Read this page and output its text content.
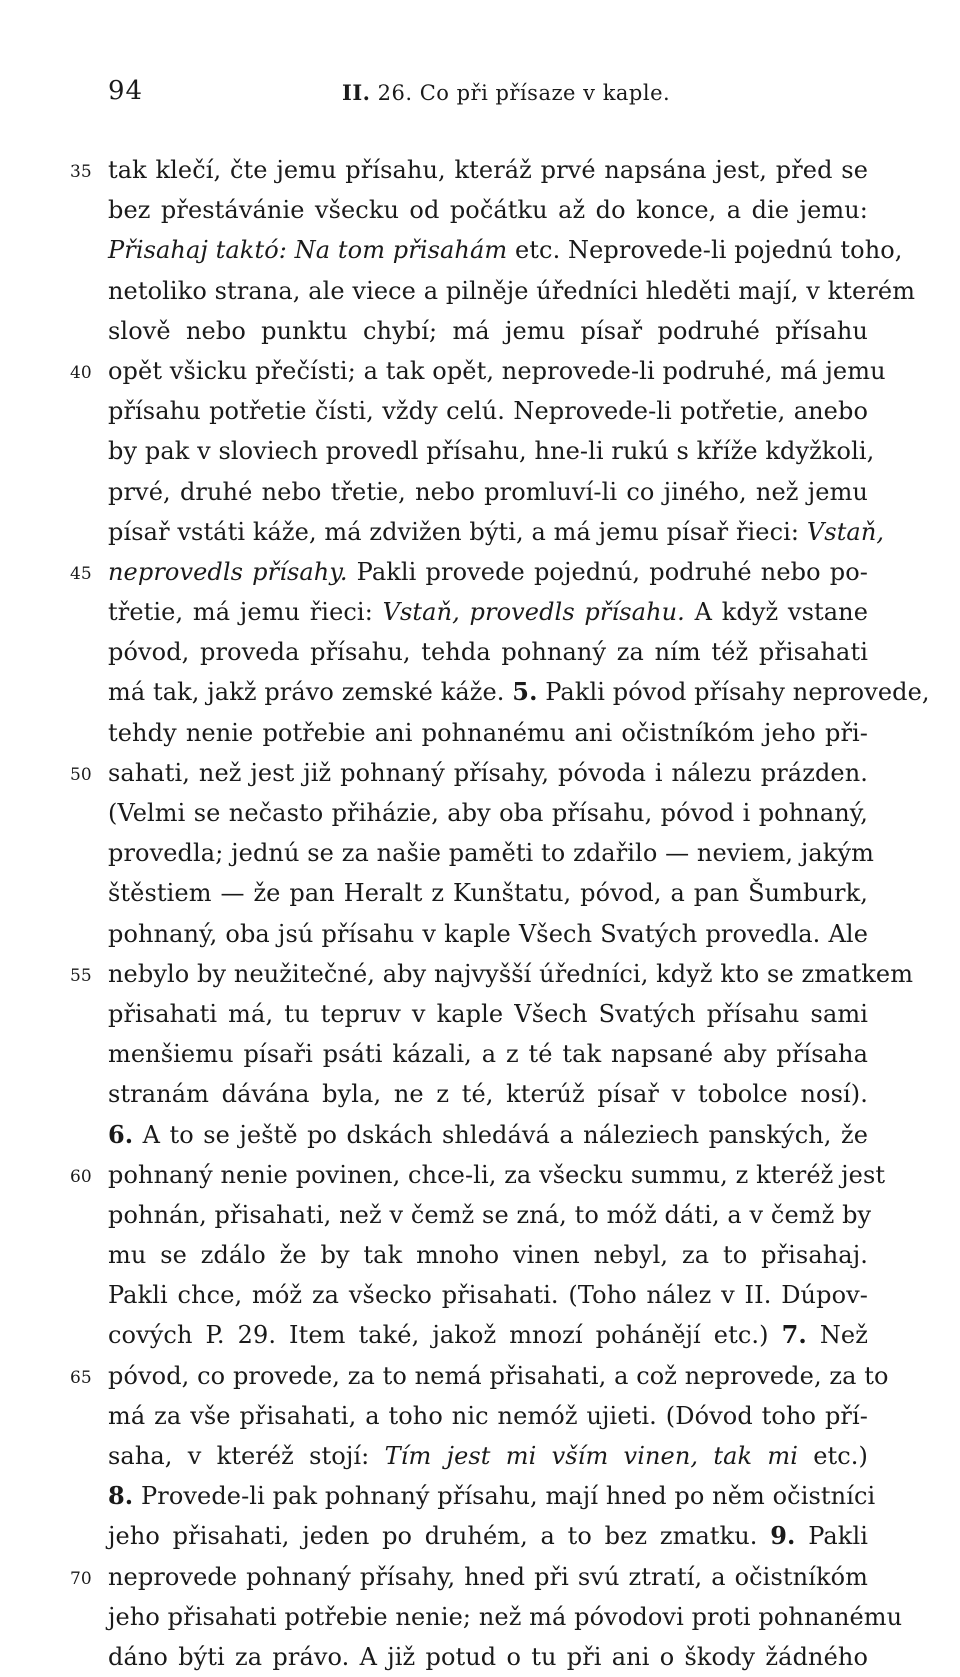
94	II. 26. Co při přísaze v kaple.
35 tak klečí, čte jemu přísahu, kteráž prvé napsána jest, před se
bez přestávánie všecku od počátku až do konce, a die jemu:
Přisahaj taktó: Na tom přisahám etc. Neprovede-li pojednú toho,
netoliko strana, ale viece a pilněje úředníci hleděti mají, v kterém
slově nebo punktu chybí; má jemu písař podruhé přísahu
40 opět všicku přečísti; a tak opět, neprovede-li podruhé, má jemu
přísahu potřetie čísti, vždy celú. Neprovede-li potřetie, anebo
by pak v sloviech provedl přísahu, hne-li rukú s kříže kdyžkoli,
prvé, druhé nebo třetie, nebo promluví-li co jiného, než jemu
písař vstáti káže, má zdvižen býti, a má jemu písař řieci: Vstaň,
45 neprovedls přísahy. Pakli provede pojednú, podruhé nebo po-
třetie, má jemu řieci: Vstaň, provedls přísahu. A když vstane
póvod, proveda přísahu, tehda pohnaný za ním též přisahati
má tak, jakž právo zemské káže. 5. Pakli póvod přísahy neprovede,
tehdy nenie potřebie ani pohnanému ani očistníkóm jeho při-
50 sahati, než jest již pohnaný přísahy, póvoda i nálezu prázden.
(Velmi se nečasto přiházie, aby oba přísahu, póvod i pohnaný,
provedla; jednú se za našie paměti to zdařilo — neviem, jakým
štěstiem — že pan Heralt z Kunštatu, póvod, a pan Šumburk,
pohnaný, oba jsú přísahu v kaple Všech Svatých provedla. Ale
55 nebylo by neužitečné, aby najvyšší úředníci, když kto se zmatkem
přisahati má, tu tepruv v kaple Všech Svatých přísahu sami
menšiemu písaři psáti kázali, a z té tak napsané aby přísaha
stranám dávána byla, ne z té, kterúž písař v tobolce nosí).
6. A to se ještě po dskách shledává a náleziech panských, že
60 pohnaný nenie povinen, chce-li, za všecku summu, z kteréž jest
pohnán, přisahati, než v čemž se zná, to móž dáti, a v čemž by
mu se zdálo že by tak mnoho vinen nebyl, za to přisahaj.
Pakli chce, móž za všecko přisahati. (Toho nález v II. Dúpov-
cových P. 29. Item také, jakož mnozí pohánějí etc.) 7. Než
65 póvod, co provede, za to nemá přisahati, a což neprovede, za to
má za vše přisahati, a toho nic nemóž ujieti. (Dóvod toho pří-
saha, v kteréž stojí: Tím jest mi vším vinen, tak mi etc.)
8. Provede-li pak pohnaný přísahu, mají hned po něm očistníci
jeho přisahati, jeden po druhém, a to bez zmatku. 9. Pakli
70 neprovede pohnaný přísahy, hned při svú ztratí, a očistníkóm
jeho přisahati potřebie nenie; než má póvodovi proti pohnanému
dáno býti za právo. A již potud o tu při ani o škody žádného
